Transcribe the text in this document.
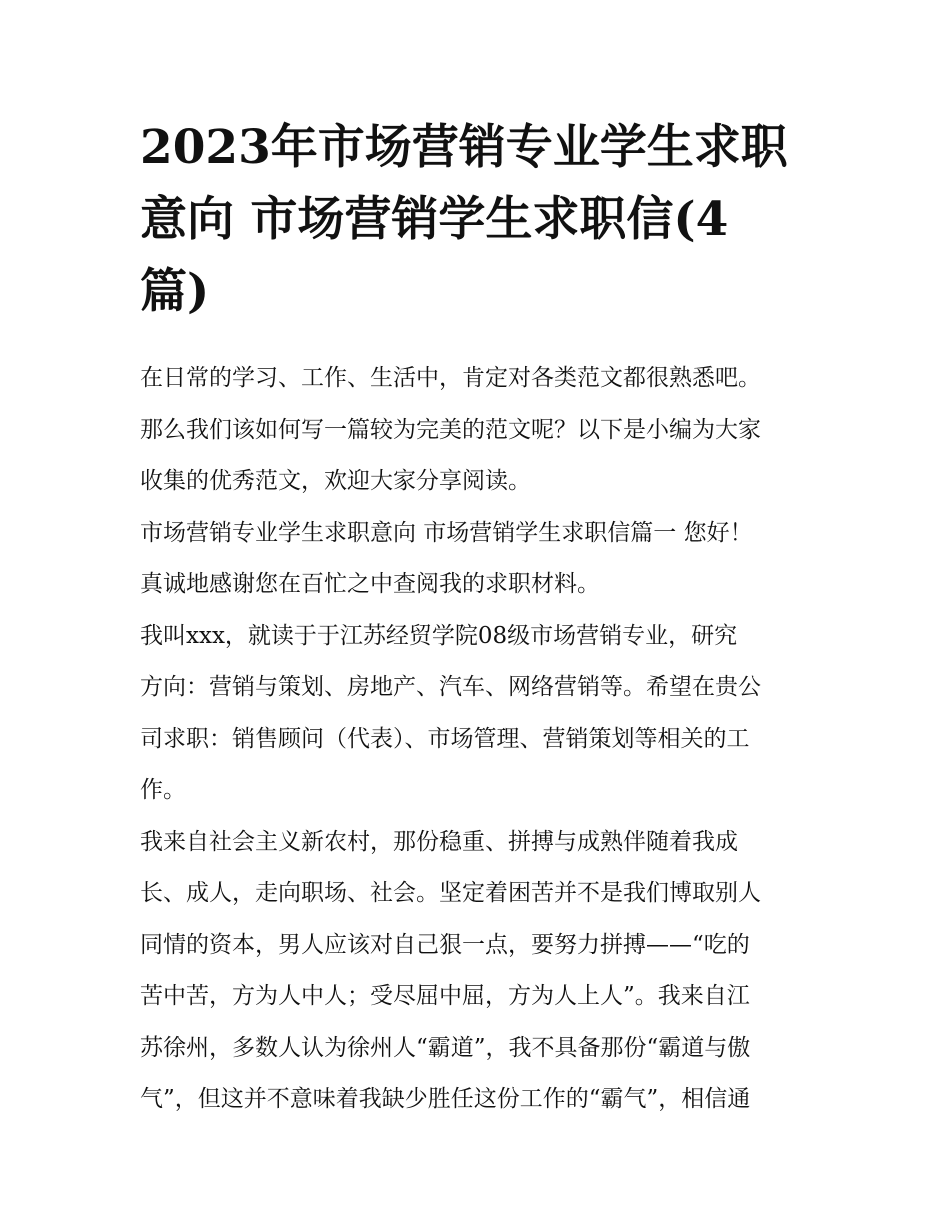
2023年市场营销专业学生求职
意向 市场营销学生求职信(4
篇)
在日常的学习、工作、生活中，肯定对各类范文都很熟悉吧。
那么我们该如何写一篇较为完美的范文呢？以下是小编为大家
收集的优秀范文，欢迎大家分享阅读。
市场营销专业学生求职意向 市场营销学生求职信篇一 您好！
真诚地感谢您在百忙之中查阅我的求职材料。
我叫xxx，就读于于江苏经贸学院08级市场营销专业，研究
方向：营销与策划、房地产、汽车、网络营销等。希望在贵公
司求职：销售顾问（代表）、市场管理、营销策划等相关的工
作。
我来自社会主义新农村，那份稳重、拼搏与成熟伴随着我成
长、成人，走向职场、社会。坚定着困苦并不是我们博取别人
同情的资本，男人应该对自己狠一点，要努力拼搏——“吃的
苦中苦，方为人中人；受尽屈中屈，方为人上人”。我来自江
苏徐州，多数人认为徐州人“霸道”，我不具备那份“霸道与傲
气”，但这并不意味着我缺少胜任这份工作的“霸气”，相信通
